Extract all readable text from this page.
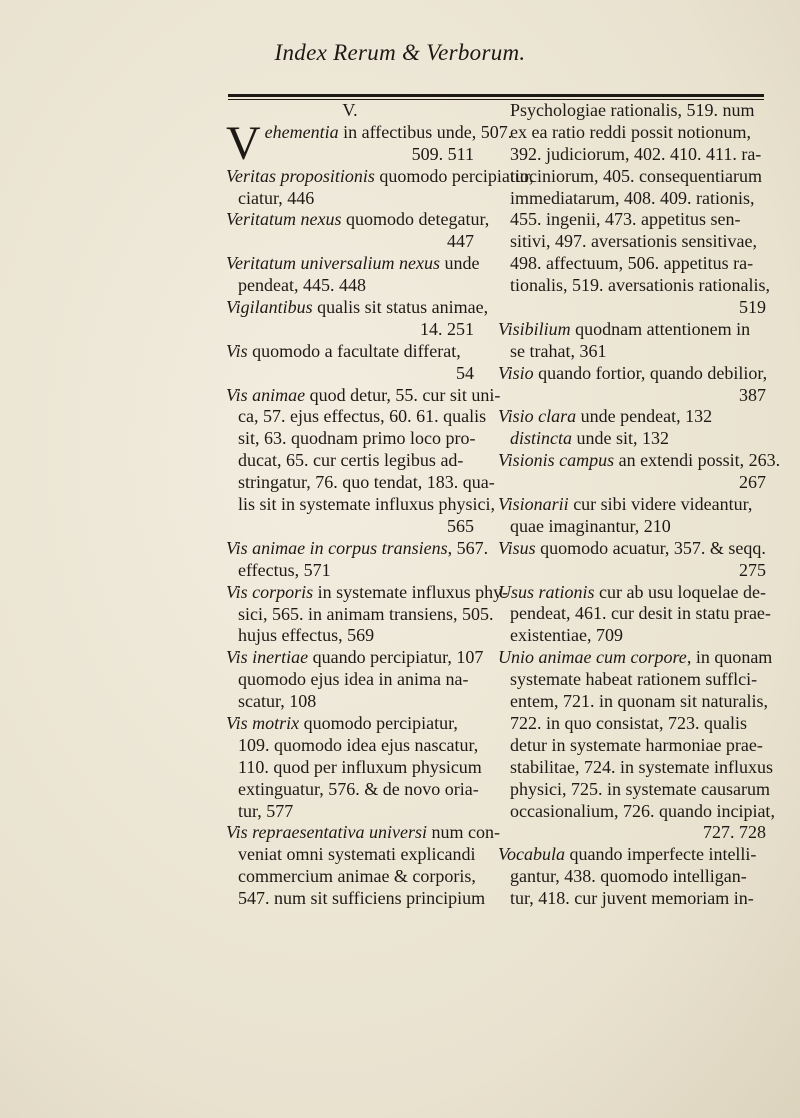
Index Rerum & Verborum.
V.
Vehementia in affectibus unde, 507.
509. 511
Veritas propositionis quomodo percipiatur,
ciatur, 446
Veritatum nexus quomodo detegatur,
447
Veritatum universalium nexus unde
pendeat, 445. 448
Vigilantibus qualis sit status animae,
14. 251
Vis quomodo a facultate differat,
54
Vis animae quod detur, 55. cur sit uni-
ca, 57. ejus effectus, 60. 61. qualis
sit, 63. quodnam primo loco pro-
ducat, 65. cur certis legibus ad-
stringatur, 76. quo tendat, 183. qua-
lis sit in systemate influxus physici,
565
Vis animae in corpus transiens, 567.
effectus, 571
Vis corporis in systemate influxus phy-
sici, 565. in animam transiens, 505.
hujus effectus, 569
Vis inertiae quando percipiatur, 107
quomodo ejus idea in anima na-
scatur, 108
Vis motrix quomodo percipiatur,
109. quomodo idea ejus nascatur,
110. quod per influxum physicum
extinguatur, 576. & de novo oria-
tur, 577
Vis repraesentativa universi num con-
veniat omni systemati explicandi
commercium animae & corporis,
547. num sit sufficiens principium
Psychologiae rationalis, 519. num
ex ea ratio reddi possit notionum,
392. judiciorum, 402. 410. 411. ra-
tiociniorum, 405. consequentiarum
immediatarum, 408. 409. rationis,
455. ingenii, 473. appetitus sen-
sitivi, 497. aversationis sensitivae,
498. affectuum, 506. appetitus ra-
tionalis, 519. aversationis rationalis,
519
Visibilium quodnam attentionem in
se trahat, 361
Visio quando fortior, quando debilior,
387
Visio clara unde pendeat, 132
distincta unde sit, 132
Visionis campus an extendi possit, 263.
267
Visionarii cur sibi videre videantur,
quae imaginantur, 210
Visus quomodo acuatur, 357. & seqq.
275
Usus rationis cur ab usu loquelae de-
pendeat, 461. cur desit in statu prae-
existentiae, 709
Unio animae cum corpore, in quonam
systemate habeat rationem sufflci-
entem, 721. in quonam sit naturalis,
722. in quo consistat, 723. qualis
detur in systemate harmoniae prae-
stabilitae, 724. in systemate influxus
physici, 725. in systemate causarum
occasionalium, 726. quando incipiat,
727. 728
Vocabula quando imperfecte intelli-
gantur, 438. quomodo intelligan-
tur, 418. cur juvent memoriam in-
